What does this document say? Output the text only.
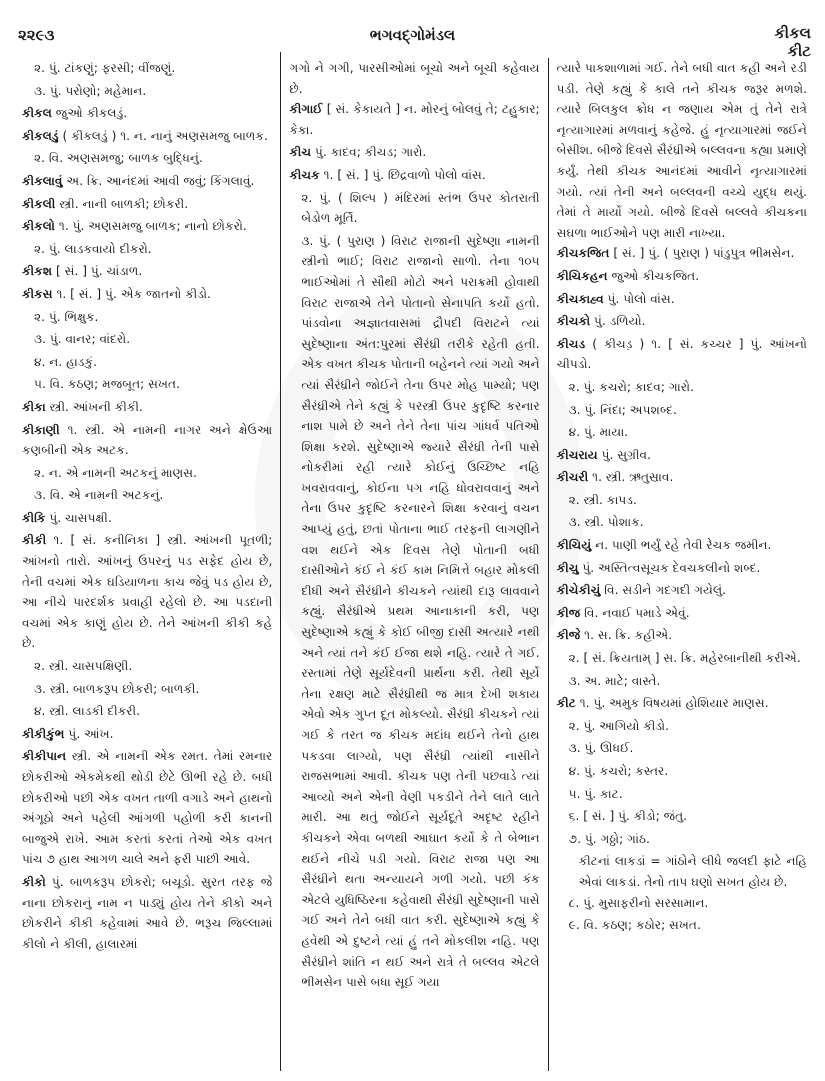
૨૨૯૩	ભગવદ્ગોમંડલ	કીકલ
કીટ
૨. પું. ટાંકણું; ફરસી; વીંજણું.
૩. પું. પરોણો; મહેમાન.
કીકલ જુઓ કીકલડું.
કીકલડું ( કીકલડું ) ૧. ન. નાનું અણસમજુ બાળક.
૨. વિ. અણસમજુ; બાળક બુદ્ધિનું.
કીકલાવું અ. ક્રિ. આનંદમાં આવી જવું; કિંગલાવું.
કીકલી સ્ત્રી. નાની બાળકી; છોકરી.
કીકલો ૧. પું. અણસમજુ બાળક; નાનો છોકરો.
૨. પું. લાડકવાયો દીકરો.
કીકશ [ સં. ] પું. ચાંડાળ.
કીકસ ૧. [ સં. ] પું. એક જાતનો કીડો.
૨. પું. ભિક્ષુક.
૩. પું. વાનર; વાંદરો.
૪. ન. હાડકું.
૫. વિ. કઠણ; મજબૂત; સખત.
કીકા સ્ત્રી. આંખની કીકી.
કીકાણી ૧. સ્ત્રી. એ નામની નાગર અને ક્ષેઉઆ કણબીની એક અટક.
૨. ન. એ નામની અટકનું માણસ.
૩. વિ. એ નામની અટકનું.
કીકિ પું. ચાસપક્ષી.
કીકી ૧. [ સં. કનીનિકા ] સ્ત્રી. આંખની પૂતળી; આંખનો તારો. આંખનું ઉપરનું પડ સફેદ હોય છે, તેની વચમાં એક ઘડિયાળના કાચ જેવું પડ હોય છે, આ નીચે પારદર્શક પ્રવાહી રહેલો છે. આ પડદાની વચમાં એક કાણું હોય છે. તેને આંખની કીકી કહે છે.
૨. સ્ત્રી. ચાસપક્ષિણી.
૩. સ્ત્રી. બાળકરૂપ છોકરી; બાળકી.
૪. સ્ત્રી. લાડકી દીકરી.
કીકીકુંભ પું. આંખ.
કીકીપાન સ્ત્રી. એ નામની એક રમત. તેમાં રમનાર છોકરીઓ એકમેકથી થોડી છેટે ઊભી રહે છે. બધી છોકરીઓ પછી એક વખત તાળી વગાડે અને હાથનો અંગૂઠો અને પહેલી આંગળી પહોળી કરી કાનની બાજુએ રાખે. આમ કરતાં કરતાં તેઓ એક વખત પાંચ ૭ હાથ આગળ ચાલે અને ફરી પાછી આવે.
કીકો પું. બાળકરૂપ છોકરો; બચૂડો. સુરત તરફ જે નાના છોકરાનું નામ ન પાડ્યું હોય તેને કીકો અને છોકરીને કીકી કહેવામાં આવે છે. ભરૂચ જિલ્લામાં કીલો ને કીલી, હાલારમાં
ગગો ને ગગી, પારસીઓમાં બૂચો અને બૂચી કહેવાય છે.
કીગાઈ [ સં. કેકાયતે ] ન. મોરનું બોલવું તે; ટહુકાર; કેકા.
કીચ પું. કાદવ; કીચડ; ગારો.
કીચક ૧. [ સં. ] પું. છિદ્રવાળો પોલો વાંસ.
૨. પું. ( શિલ્પ ) મંદિરમાં સ્તંભ ઉપર કોતરાતી બેડોળ મૂર્તિ.
૩. પું. ( પુરાણ ) વિરાટ રાજાની સુદેષ્ણા નામની સ્ત્રીનો ભાઈ; વિરાટ રાજાનો સાળો. તેના ૧૦૫ ભાઈઓમાં તે સૌથી મોટો અને પરાક્રમી હોવાથી વિરાટ રાજાએ તેને પોતાનો સેનાપતિ કર્યો હતો. પાંડવોના અજ્ઞાતવાસમાં દ્રૌપદી વિરાટને ત્યાં સુદેષ્ણાના અંત:પુરમાં સૈરંધ્રી તરીકે રહેતી હતી. એક વખત કીચક પોતાની બહેનને ત્યાં ગયો અને ત્યાં સૈરંધ્રીને જોઈને તેના ઉપર મોહ પામ્યો; પણ સૈરંધ્રીએ તેને કહ્યું કે પરસ્ત્રી ઉપર કુદૃષ્ટિ કરનાર નાશ પામે છે અને તેને તેના પાંચ ગાંધર્વ પતિઓ શિક્ષા કરશે. સુદેષ્ણાએ જ્યારે સૈરંધ્રી તેની પાસે નોકરીમાં રહી ત્યારે કોઈનું ઉચ્છિષ્ટ નહિ ખવરાવવાનું, કોઈના પગ નહિ ધોવરાવવાનું અને તેના ઉપર કુદૃષ્ટિ કરનારને શિક્ષા કરવાનું વચન આપ્યું હતું, છતાં પોતાના ભાઈ તરફની લાગણીને વશ થઈને એક દિવસ તેણે પોતાની બધી દાસીઓને કંઈ ને કંઈ કામ નિમિત્તે બહાર મોકલી દીધી અને સૈરંધ્રીને કીચકને ત્યાંથી દારૂ લાવવાને કહ્યું. સૈરંધ્રીએ પ્રથમ આનાકાની કરી, પણ સુદેષ્ણાએ કહ્યું કે કોઈ બીજી દાસી અત્યારે નથી અને ત્યાં તને કંઈ ઈજા થશે નહિ. ત્યારે તે ગઈ. રસ્તામાં તેણે સૂર્યદેવની પ્રાર્થના કરી. તેથી સૂર્યે તેના રક્ષણ માટે સૈરંધ્રીથી જ માત્ર દેખી શકાય એવો એક ગુપ્ત દૂત મોકલ્યો. સૈરંધ્રી કીચકને ત્યાં ગઈ કે તરત જ કીચક મદાંધ થઈને તેનો હાથ પકડવા લાગ્યો, પણ સૈરંધ્રી ત્યાંથી નાસીને રાજસભામાં આવી. કીચક પણ તેની પછવાડે ત્યાં આવ્યો અને એની વેણી પકડીને તેને લાતે લાતે મારી. આ થતું જોઈને સૂર્યદૂતે અદૃષ્ટ રહીને કીચકને એવા બળથી આઘાત કર્યો કે તે બેભાન થઈને નીચે પડી ગયો. વિરાટ રાજા પણ આ સૈરંધ્રીને થતા અન્યાયને ગળી ગયો. પછી કંક એટલે યુધિષ્ઠિરના કહેવાથી સૈરંધ્રી સુદેષ્ણાની પાસે ગઈ અને તેને બધી વાત કરી. સુદેષ્ણાએ કહ્યું કે હવેથી એ દુષ્ટને ત્યાં હું તને મોકલીશ નહિ. પણ સૈરંધ્રીને શાંતિ ન થઈ અને રાત્રે તે બલ્લવ એટલે ભીમસેન પાસે બધા સૂઈ ગયા
ત્યારે પાકશાળામાં ગઈ. તેને બધી વાત કહી અને રડી પડી. તેણે કહ્યું કે કાલે તને કીચક જરૂર મળશે. ત્યારે બિલકુલ ક્રોધ ન જણાય એમ તું તેને રાત્રે નૃત્યાગારમાં મળવાનું કહેજે. હું નૃત્યાગારમાં જઈને બેસીશ. બીજે દિવસે સૈરંધ્રીએ બલ્લવના કહ્યા પ્રમાણે કર્યું. તેથી કીચક આનંદમાં આવીને નૃત્યાગારમાં ગયો. ત્યાં તેની અને બલ્લવની વચ્ચે યુદ્ધ થયું. તેમાં તે માર્યો ગયો. બીજે દિવસે બલ્લવે કીચકના સઘળા ભાઈઓને પણ મારી નાખ્યા.
કીચકજિત [ સં. ] પું. ( પુરાણ ) પાંડુપુત્ર ભીમસેન.
કીચિકહન જુઓ કીચકજિત.
કીચકાહ્વ પું. પોલો વાંસ.
કીચકો પું. ડળિયો.
કીચડ ( કીચડ઼ ) ૧. [ સં. કચ્ચર ] પું. આંખનો ચીપડો.
૨. પું. કચરો; કાદવ; ગારો.
૩. પું. નિંદા; અપશબ્દ.
૪. પું. માયા.
કીચરાય પું. સુગ્રીવ.
કીચરી ૧. સ્ત્રી. ઋતુસ્રાવ.
૨. સ્ત્રી. કાપડ.
૩. સ્ત્રી. પોશાક.
કીચિયું ન. પાણી ભર્યું રહે તેવી રેચક જમીન.
કીચુ પું. અસ્તિત્વસૂચક દેવચકલીનો શબ્દ.
કીચેકીચું વિ. સડીને ગદગદી ગયેલું.
કીજ વિ. નવાઈ પમાડે એવું.
કીજે ૧. સ. ક્રિ. કહીએ.
૨. [ સં. ક્રિયતામ્ ] સ. ક્રિ. મહેરબાનીથી કરીએ.
૩. અ. માટે; વાસ્તે.
કીટ ૧. પું. અમુક વિષયમાં હોશિયાર માણસ.
૨. પું. આગિયો કીડો.
૩. પું. ઊધઈ.
૪. પું. કચરો; કસ્તર.
૫. પું. કાટ.
૬. [ સં. ] પું. કીડો; જંતુ.
૭. પું. ગઠ્ઠો; ગાંઠ.
કીટનાં લાકડાં = ગાંઠોને લીધે જલદી ફાટે નહિ એવાં લાકડાં. તેનો તાપ ઘણો સખત હોય છે.
૮. પું. મુસાફરીનો સરસામાન.
૯. વિ. કઠણ; કઠોર; સખત.
